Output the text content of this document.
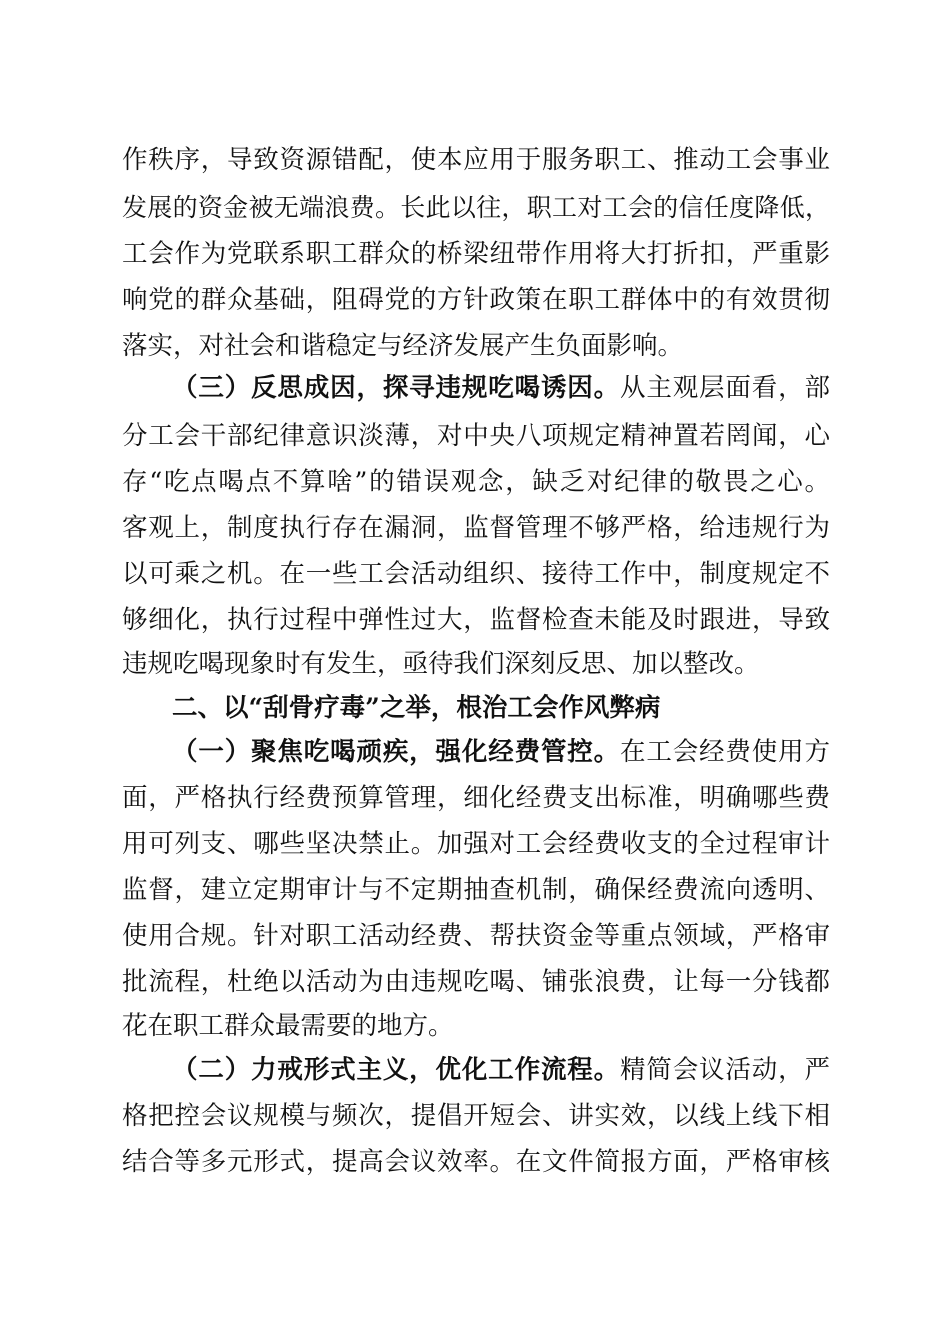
作秩序，导致资源错配，使本应用于服务职工、推动工会事业
发展的资金被无端浪费。长此以往，职工对工会的信任度降低，
工会作为党联系职工群众的桥梁纽带作用将大打折扣，严重影
响党的群众基础，阻碍党的方针政策在职工群体中的有效贯彻
落实，对社会和谐稳定与经济发展产生负面影响。
（三）反思成因，探寻违规吃喝诱因。从主观层面看，部
分工会干部纪律意识淡薄，对中央八项规定精神置若罔闻，心
存“吃点喝点不算啥”的错误观念，缺乏对纪律的敬畏之心。
客观上，制度执行存在漏洞，监督管理不够严格，给违规行为
以可乘之机。在一些工会活动组织、接待工作中，制度规定不
够细化，执行过程中弹性过大，监督检查未能及时跟进，导致
违规吃喝现象时有发生，亟待我们深刻反思、加以整改。
二、以“刮骨疗毒”之举，根治工会作风弊病
（一）聚焦吃喝顽疾，强化经费管控。在工会经费使用方
面，严格执行经费预算管理，细化经费支出标准，明确哪些费
用可列支、哪些坚决禁止。加强对工会经费收支的全过程审计
监督，建立定期审计与不定期抽查机制，确保经费流向透明、
使用合规。针对职工活动经费、帮扶资金等重点领域，严格审
批流程，杜绝以活动为由违规吃喝、铺张浪费，让每一分钱都
花在职工群众最需要的地方。
（二）力戒形式主义，优化工作流程。精简会议活动，严
格把控会议规模与频次，提倡开短会、讲实效，以线上线下相
结合等多元形式，提高会议效率。在文件简报方面，严格审核
